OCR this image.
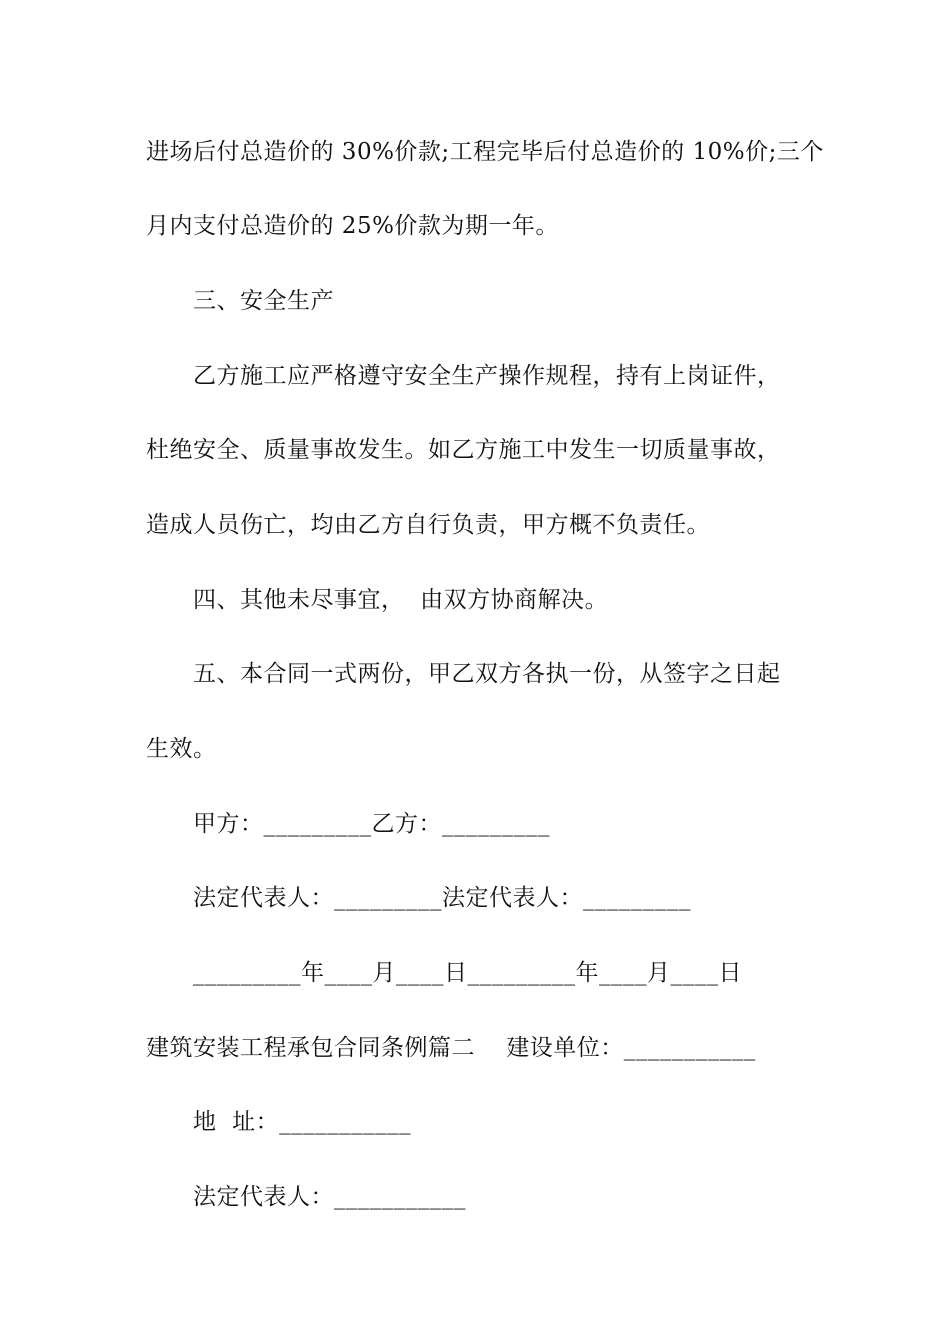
进场后付总造价的 30%价款;工程完毕后付总造价的 10%价;三个
月内支付总造价的 25%价款为期一年。
三、安全生产
乙方施工应严格遵守安全生产操作规程，持有上岗证件，
杜绝安全、质量事故发生。如乙方施工中发生一切质量事故，
造成人员伤亡，均由乙方自行负责，甲方概不负责任。
四、其他未尽事宜，  由双方协商解决。
五、本合同一式两份，甲乙双方各执一份，从签字之日起
生效。
甲方：_________乙方：_________
法定代表人：_________法定代表人：_________
_________年____月____日_________年____月____日
建筑安装工程承包合同条例篇二    建设单位：___________
地  址：___________
法定代表人：___________
